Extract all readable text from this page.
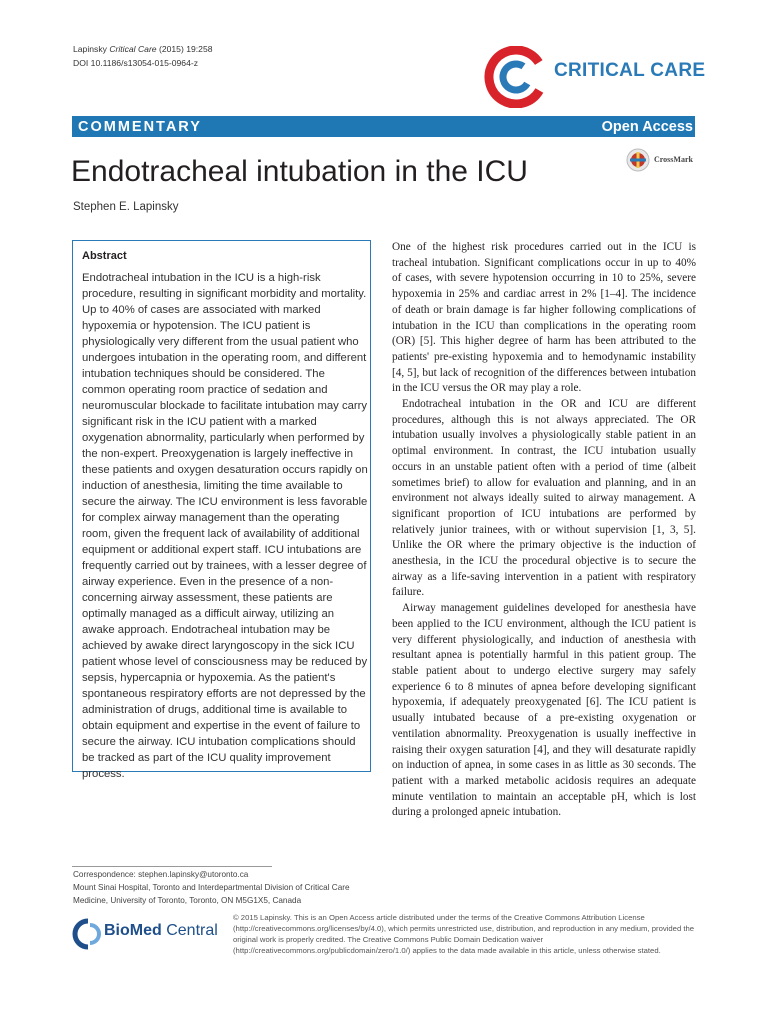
Lapinsky Critical Care (2015) 19:258
DOI 10.1186/s13054-015-0964-z	CRITICAL CARE
COMMENTARY	Open Access
Endotracheal intubation in the ICU	CrossMark
Stephen E. Lapinsky
Abstract
Endotracheal intubation in the ICU is a high-risk procedure, resulting in significant morbidity and mortality. Up to 40% of cases are associated with marked hypoxemia or hypotension. The ICU patient is physiologically very different from the usual patient who undergoes intubation in the operating room, and different intubation techniques should be considered. The common operating room practice of sedation and neuromuscular blockade to facilitate intubation may carry significant risk in the ICU patient with a marked oxygenation abnormality, particularly when performed by the non-expert. Preoxygenation is largely ineffective in these patients and oxygen desaturation occurs rapidly on induction of anesthesia, limiting the time available to secure the airway. The ICU environment is less favorable for complex airway management than the operating room, given the frequent lack of availability of additional equipment or additional expert staff. ICU intubations are frequently carried out by trainees, with a lesser degree of airway experience. Even in the presence of a non-concerning airway assessment, these patients are optimally managed as a difficult airway, utilizing an awake approach. Endotracheal intubation may be achieved by awake direct laryngoscopy in the sick ICU patient whose level of consciousness may be reduced by sepsis, hypercapnia or hypoxemia. As the patient's spontaneous respiratory efforts are not depressed by the administration of drugs, additional time is available to obtain equipment and expertise in the event of failure to secure the airway. ICU intubation complications should be tracked as part of the ICU quality improvement process.

One of the highest risk procedures carried out in the ICU is tracheal intubation. Significant complications occur in up to 40% of cases, with severe hypotension occurring in 10 to 25%, severe hypoxemia in 25% and cardiac arrest in 2% [1–4]. The incidence of death or brain damage is far higher following complications of intubation in the ICU than complications in the operating room (OR) [5]. This higher degree of harm has been attributed to the patients' pre-existing hypoxemia and to hemodynamic instability [4, 5], but lack of recognition of the differences between intubation in the ICU versus the OR may play a role.

Endotracheal intubation in the OR and ICU are different procedures, although this is not always appreciated. The OR intubation usually involves a physiologically stable patient in an optimal environment. In contrast, the ICU intubation usually occurs in an unstable patient often with a period of time (albeit sometimes brief) to allow for evaluation and planning, and in an environment not always ideally suited to airway management. A significant proportion of ICU intubations are performed by relatively junior trainees, with or without supervision [1, 3, 5]. Unlike the OR where the primary objective is the induction of anesthesia, in the ICU the procedural objective is to secure the airway as a life-saving intervention in a patient with respiratory failure.

Airway management guidelines developed for anesthesia have been applied to the ICU environment, although the ICU patient is very different physiologically, and induction of anesthesia with resultant apnea is potentially harmful in this patient group. The stable patient about to undergo elective surgery may safely experience 6 to 8 minutes of apnea before developing significant hypoxemia, if adequately preoxygenated [6]. The ICU patient is usually intubated because of a pre-existing oxygenation or ventilation abnormality. Preoxygenation is usually ineffective in raising their oxygen saturation [4], and they will desaturate rapidly on induction of apnea, in some cases in as little as 30 seconds. The patient with a marked metabolic acidosis requires an adequate minute ventilation to maintain an acceptable pH, which is lost during a prolonged apneic intubation.

Correspondence: stephen.lapinsky@utoronto.ca
Mount Sinai Hospital, Toronto and Interdepartmental Division of Critical Care
Medicine, University of Toronto, Toronto, ON M5G1X5, Canada
BioMed Central
© 2015 Lapinsky. This is an Open Access article distributed under the terms of the Creative Commons Attribution License (http://creativecommons.org/licenses/by/4.0), which permits unrestricted use, distribution, and reproduction in any medium, provided the original work is properly credited. The Creative Commons Public Domain Dedication waiver (http://creativecommons.org/publicdomain/zero/1.0/) applies to the data made available in this article, unless otherwise stated.
